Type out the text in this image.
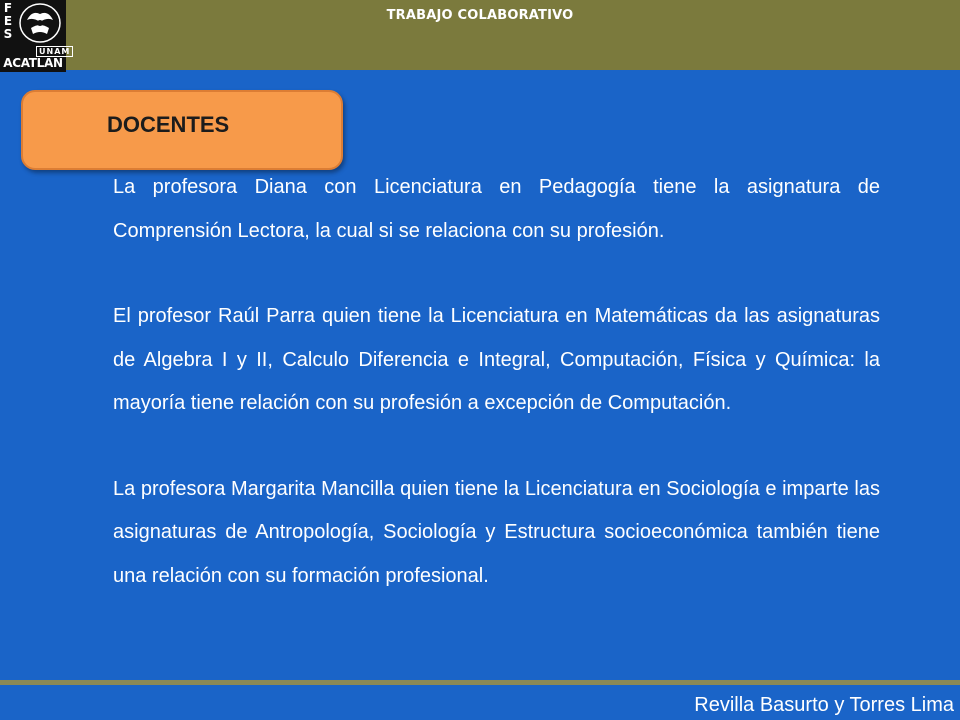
F
E
S
UNAM
ACATLAN
TRABAJO COLABORATIVO
DOCENTES

La profesora Diana con Licenciatura en Pedagogía tiene la asignatura de Comprensión Lectora, la cual si se relaciona con su profesión.

El profesor Raúl Parra quien tiene la Licenciatura en Matemáticas da las asignaturas de Algebra I y II, Calculo Diferencia e Integral, Computación, Física y Química: la mayoría tiene relación con su profesión a excepción de Computación.

La profesora Margarita Mancilla quien tiene la Licenciatura en Sociología e imparte las asignaturas de Antropología, Sociología y Estructura socioeconómica también tiene una relación con su formación profesional.

Revilla Basurto y Torres Lima
